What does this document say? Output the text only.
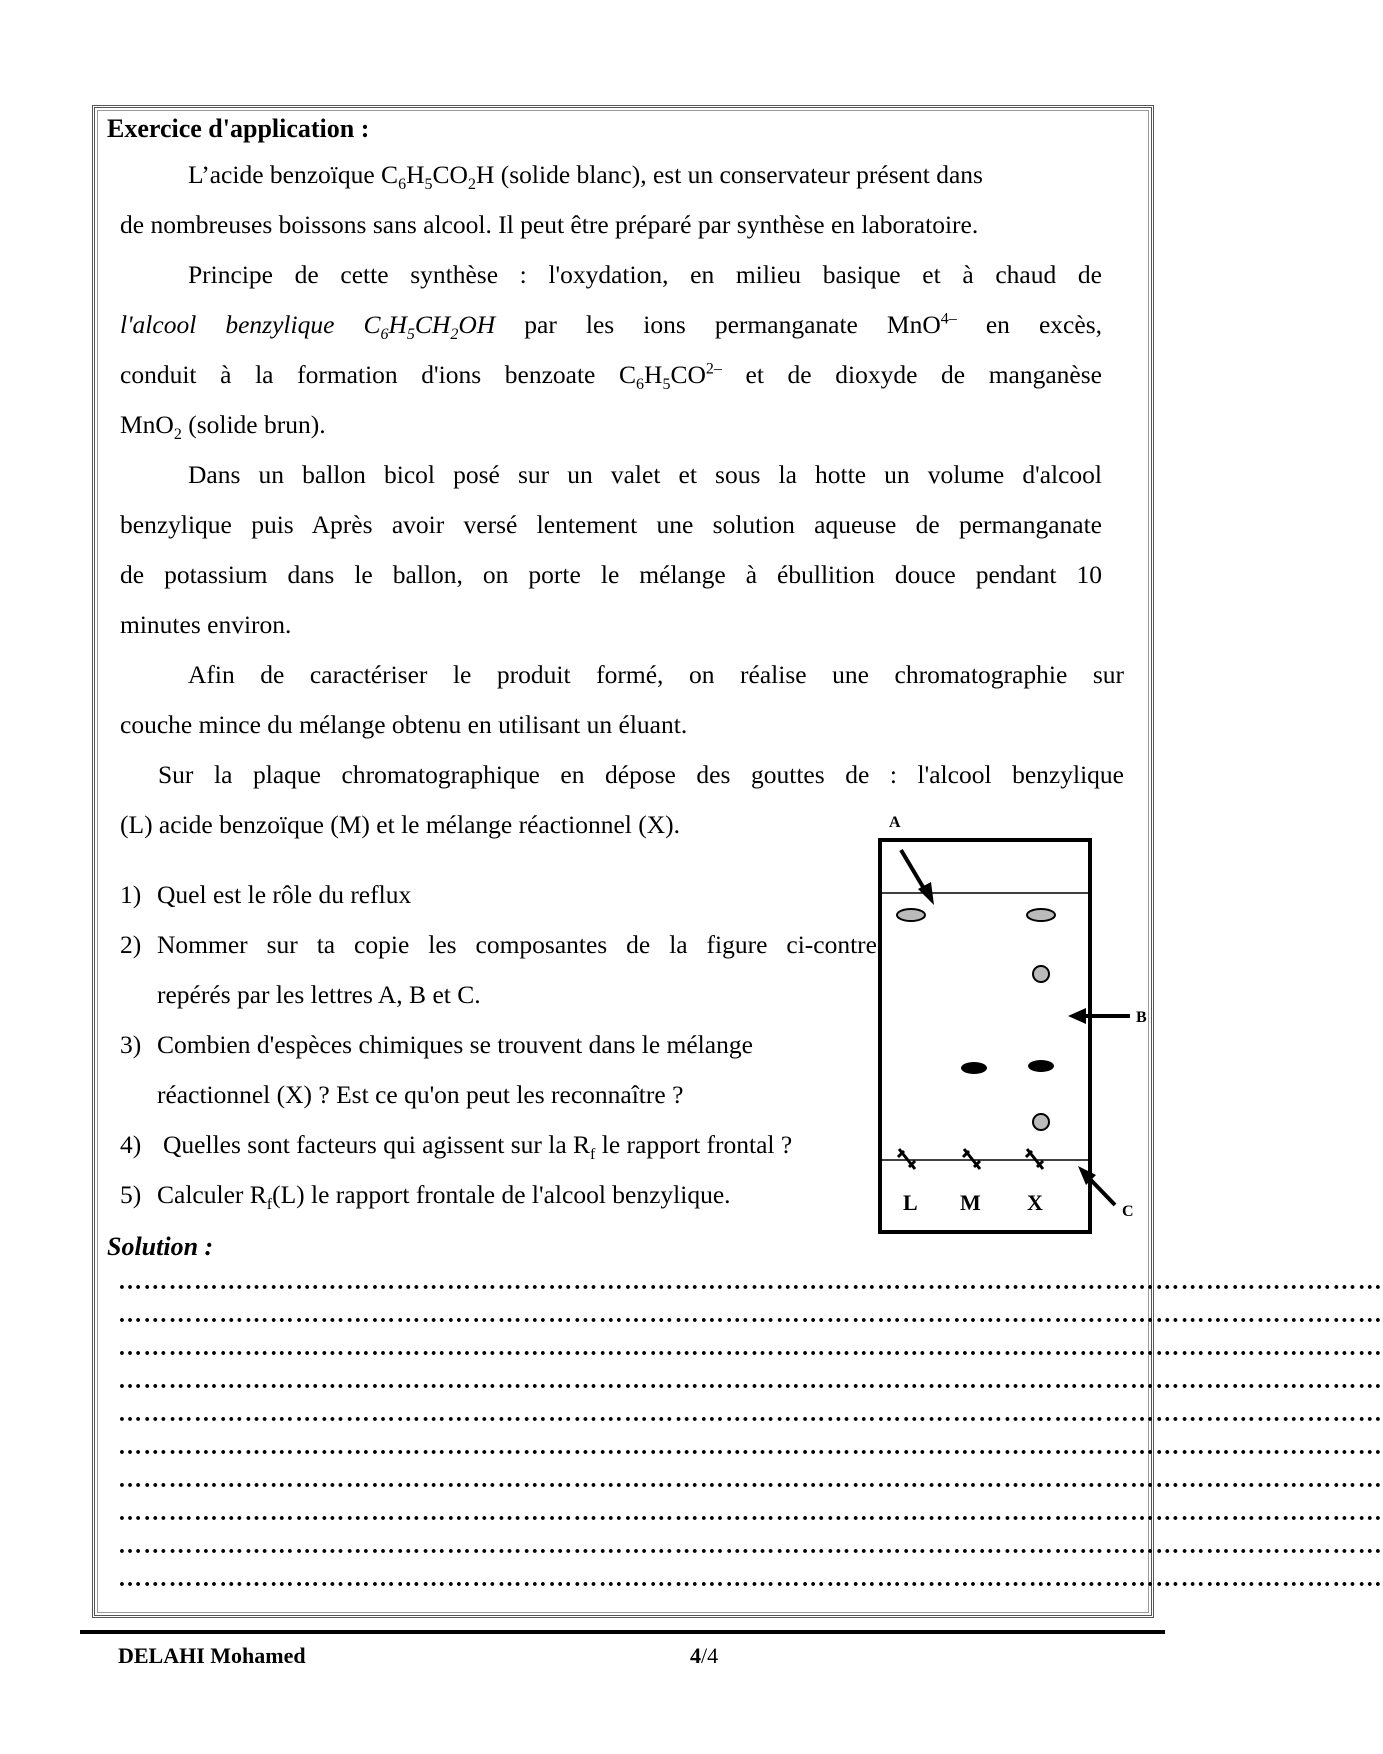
Exercice d'application :
L’acide benzoïque $C_6H_5CO_2H$ (solide blanc), est un conservateur présent dans
de nombreuses boissons sans alcool. Il peut être préparé par synthèse en laboratoire.
Principe de cette synthèse : l'oxydation, en milieu basique et à chaud de
l'alcool benzylique $C_6H_5CH_2OH$ par les ions permanganate MnO$^{4-}$ en excès,
conduit à la formation d'ions benzoate $C_6H_5CO^{2-}$ et de dioxyde de manganèse
MnO$_2$ (solide brun).
Dans un ballon bicol posé sur un valet et sous la hotte un volume d'alcool
benzylique puis Après avoir versé lentement une solution aqueuse de permanganate
de potassium dans le ballon, on porte le mélange à ébullition douce pendant 10
minutes environ.
Afin de caractériser le produit formé, on réalise une chromatographie sur
couche mince du mélange obtenu en utilisant un éluant.
Sur la plaque chromatographique en dépose des gouttes de : l'alcool benzylique
(L) acide benzoïque (M) et le mélange réactionnel (X).
1) Quel est le rôle du reflux
2) Nommer sur ta copie les composantes de la figure ci-contre
repérés par les lettres A, B et C.
3) Combien d'espèces chimiques se trouvent dans le mélange
réactionnel (X) ? Est ce qu'on peut les reconnaître ?
4) Quelles sont facteurs qui agissent sur la $R_f$ le rapport frontal ?
5) Calculer $R_f(L)$ le rapport frontale de l'alcool benzylique.
A
L M X
B
C
Solution :
……………………………………………………………………………………………………………………………………
……………………………………………………………………………………………………………………………………
……………………………………………………………………………………………………………………………………
……………………………………………………………………………………………………………………………………
……………………………………………………………………………………………………………………………………
……………………………………………………………………………………………………………………………………
……………………………………………………………………………………………………………………………………
……………………………………………………………………………………………………………………………………
……………………………………………………………………………………………………………………………………
……………………………………………………………………………………………………………………………………
DELAHI Mohamed	4/4
